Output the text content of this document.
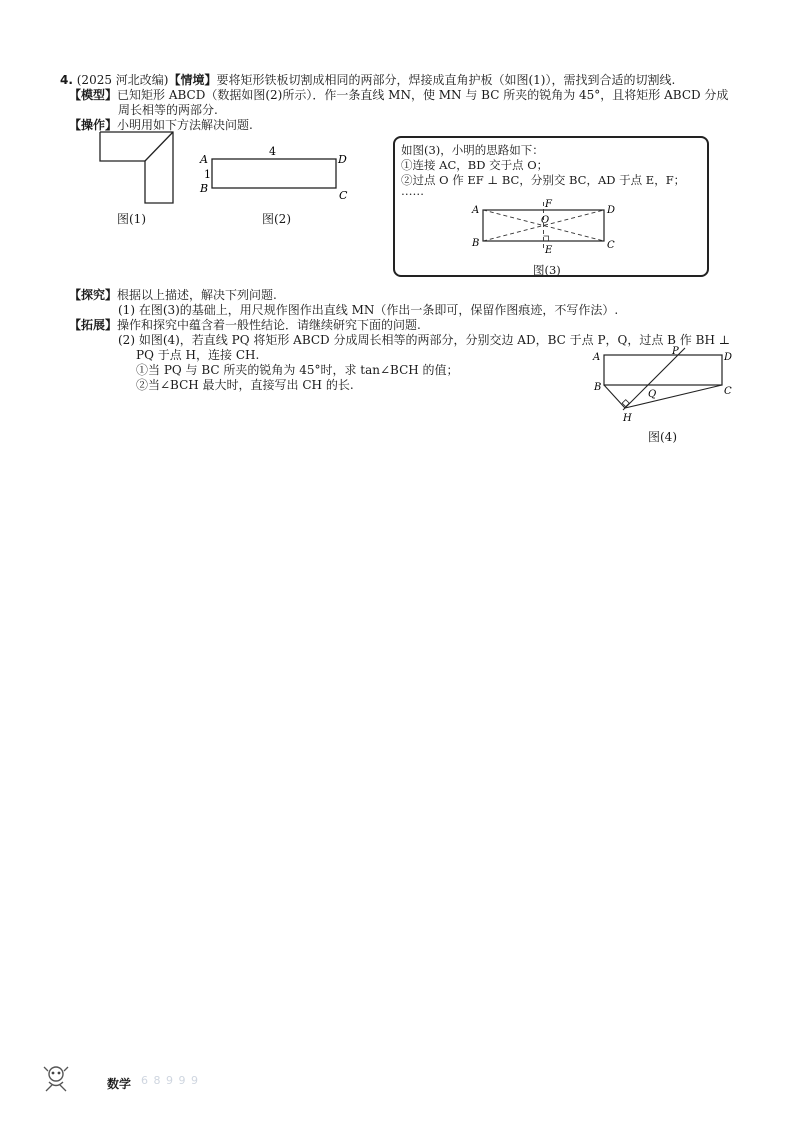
4. (2025 河北改编)【情境】要将矩形铁板切割成相同的两部分，焊接成直角护板（如图(1)），需找到合适的切割线.
【模型】已知矩形 ABCD（数据如图(2)所示）．作一条直线 MN，使 MN 与 BC 所夹的锐角为 45°，且将矩形 ABCD 分成
周长相等的两部分.
【操作】小明用如下方法解决问题.
图(1)
A
B
C
D
4
1
图(2)
如图(3)，小明的思路如下：
①连接 AC，BD 交于点 O；
②过点 O 作 EF ⊥ BC，分别交 BC，AD 于点 E，F；
……
A
B	C
D
F
O
E
图(3)
【探究】根据以上描述，解决下列问题.
(1) 在图(3)的基础上，用尺规作图作出直线 MN（作出一条即可，保留作图痕迹，不写作法）.
【拓展】操作和探究中蕴含着一般性结论．请继续研究下面的问题.
(2) 如图(4)，若直线 PQ 将矩形 ABCD 分成周长相等的两部分，分别交边 AD，BC 于点 P，Q，过点 B 作 BH ⊥
PQ 于点 H，连接 CH.
①当 PQ 与 BC 所夹的锐角为 45°时，求 tan∠BCH 的值；
②当∠BCH 最大时，直接写出 CH 的长.
A
B	C
D
P
Q
H
图(4)
数学 6 8 9 9 9
